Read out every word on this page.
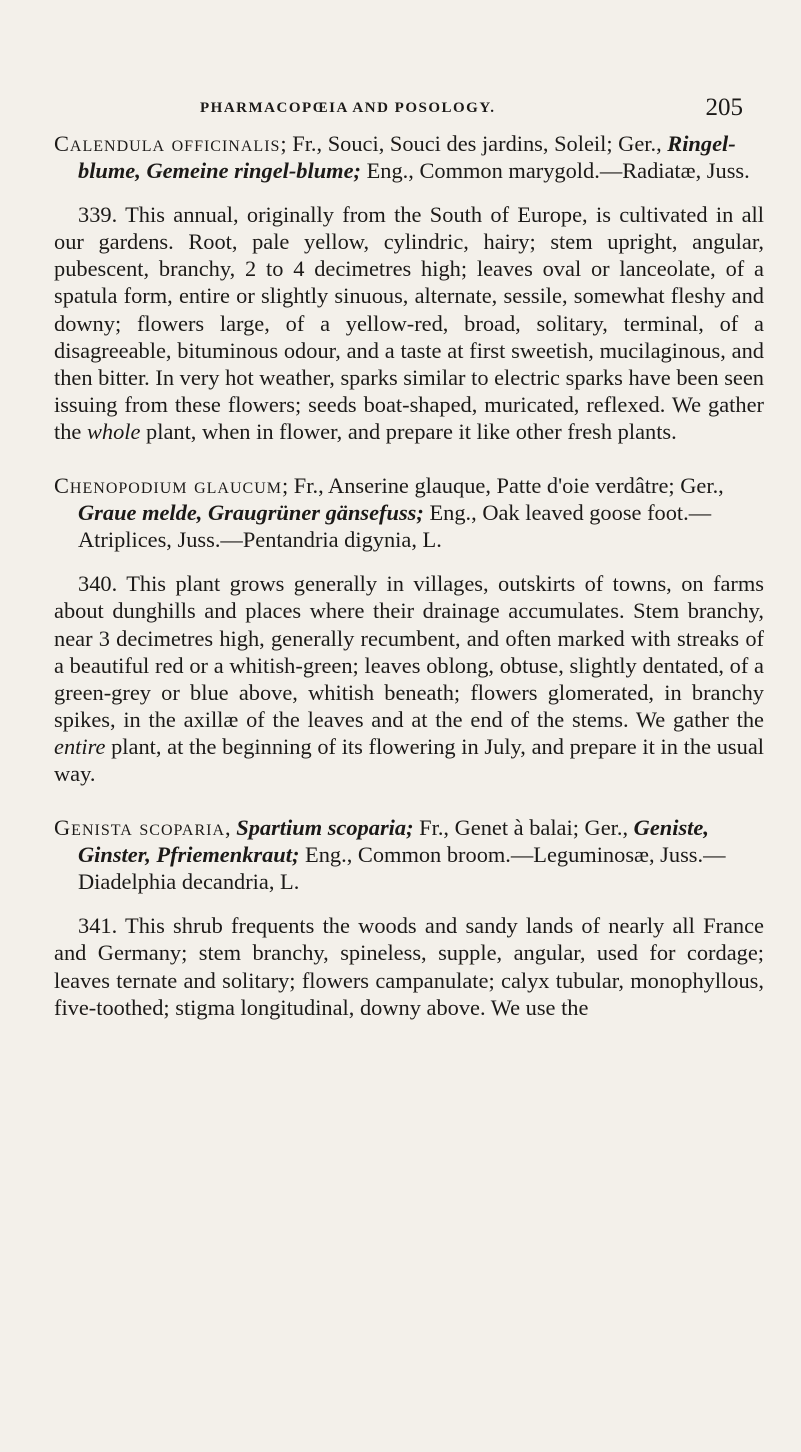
PHARMACOPŒIA AND POSOLOGY.	205

Calendula officinalis; Fr., Souci, Souci des jardins, Soleil; Ger., Ringel-blume, Gemeine ringel-blume; Eng., Common marygold.—Radiatæ, Juss.

339. This annual, originally from the South of Europe, is cultivated in all our gardens. Root, pale yellow, cylindric, hairy; stem upright, angular, pubescent, branchy, 2 to 4 decimetres high; leaves oval or lanceolate, of a spatula form, entire or slightly sinuous, alternate, sessile, somewhat fleshy and downy; flowers large, of a yellow-red, broad, solitary, terminal, of a disagreeable, bituminous odour, and a taste at first sweetish, mucilaginous, and then bitter. In very hot weather, sparks similar to electric sparks have been seen issuing from these flowers; seeds boat-shaped, muricated, reflexed. We gather the whole plant, when in flower, and prepare it like other fresh plants.

Chenopodium glaucum; Fr., Anserine glauque, Patte d'oie verdâtre; Ger., Graue melde, Graugrüner gänsefuss; Eng., Oak leaved goose foot.—Atriplices, Juss.—Pentandria digynia, L.

340. This plant grows generally in villages, outskirts of towns, on farms about dunghills and places where their drainage accumulates. Stem branchy, near 3 decimetres high, generally recumbent, and often marked with streaks of a beautiful red or a whitish-green; leaves oblong, obtuse, slightly dentated, of a green-grey or blue above, whitish beneath; flowers glomerated, in branchy spikes, in the axillæ of the leaves and at the end of the stems. We gather the entire plant, at the beginning of its flowering in July, and prepare it in the usual way.

Genista scoparia, Spartium scoparia; Fr., Genet à balai; Ger., Geniste, Ginster, Pfriemenkraut; Eng., Common broom.—Leguminosæ, Juss.—Diadelphia decandria, L.

341. This shrub frequents the woods and sandy lands of nearly all France and Germany; stem branchy, spineless, supple, angular, used for cordage; leaves ternate and solitary; flowers campanulate; calyx tubular, monophyllous, five-toothed; stigma longitudinal, downy above. We use the
